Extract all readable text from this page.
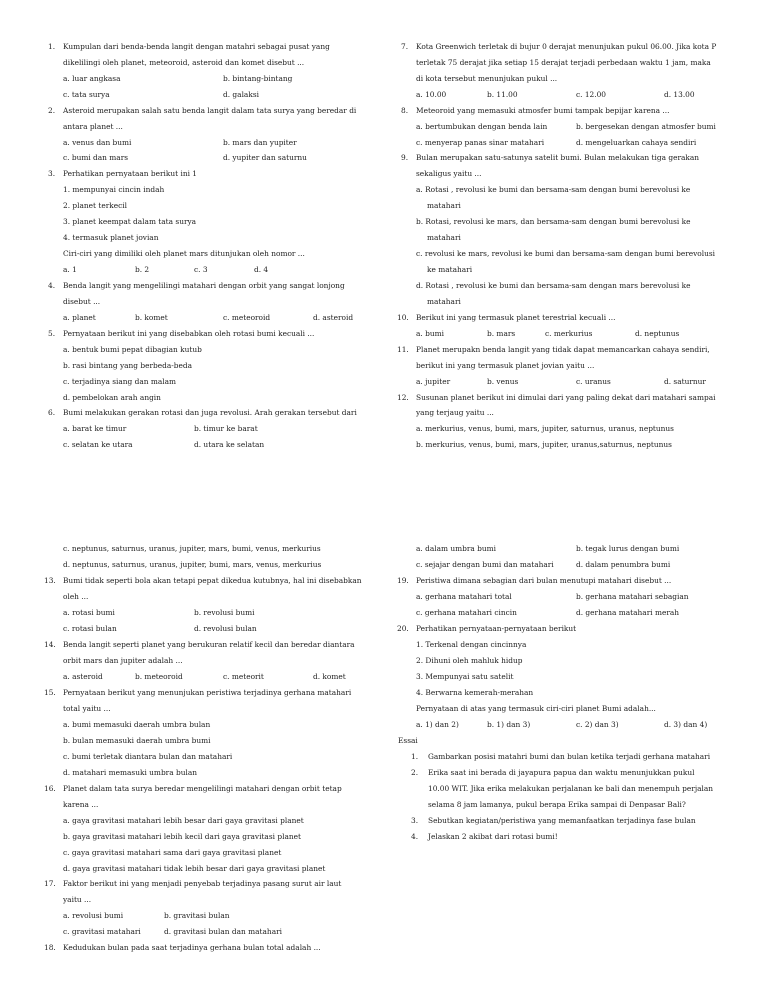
1. Kumpulan dari benda-benda langit dengan matahri sebagai pusat yang
dikelilingi oleh planet, meteoroid, asteroid dan komet disebut ...
a. luar angkasa	b. bintang-bintang
c. tata surya	d. galaksi
2. Asteroid merupakan salah satu benda langit dalam tata surya yang beredar di
antara planet ...
a. venus dan bumi	b. mars dan yupiter
c. bumi dan mars	d. yupiter dan saturnu
3. Perhatikan pernyataan berikut ini 1
1. mempunyai cincin indah
2. planet terkecil
3. planet keempat dalam tata surya
4. termasuk planet jovian
Ciri-ciri yang dimiliki oleh planet mars ditunjukan oleh nomor ...
a. 1	b. 2	c. 3	d. 4
4. Benda langit yang mengelilingi matahari dengan orbit yang sangat lonjong
disebut ...
a. planet	b. komet	c. meteoroid	d. asteroid
5. Pernyataan berikut ini yang disebabkan oleh rotasi bumi kecuali ...
a. bentuk bumi pepat dibagian kutub
b. rasi bintang yang berbeda-beda
c. terjadinya siang dan malam
d. pembelokan arah angin
6. Bumi melakukan gerakan rotasi dan juga revolusi. Arah gerakan tersebut dari
a. barat ke timur	b. timur ke barat
c. selatan ke utara	d. utara ke selatan
7. Kota Greenwich terletak di bujur 0 derajat menunjukan pukul 06.00. Jika kota P
terletak 75 derajat jika setiap 15 derajat terjadi perbedaan waktu 1 jam, maka
di kota tersebut menunjukan pukul ...
a. 10.00	b. 11.00	c. 12.00	d. 13.00
8. Meteoroid yang memasuki atmosfer bumi tampak bepijar karena ...
a. bertumbukan dengan benda lain	b. bergesekan dengan atmosfer bumi
c. menyerap panas sinar matahari	d. mengeluarkan cahaya sendiri
9. Bulan merupakan satu-satunya satelit bumi. Bulan melakukan tiga gerakan
sekaligus yaitu ...
a. Rotasi , revolusi ke bumi dan bersama-sam dengan bumi berevolusi ke
matahari
b. Rotasi, revolusi ke mars, dan bersama-sam dengan bumi berevolusi ke
matahari
c. revolusi ke mars, revolusi ke bumi dan bersama-sam dengan bumi berevolusi
ke matahari
d. Rotasi , revolusi ke bumi dan bersama-sam dengan mars berevolusi ke
matahari
10. Berikut ini yang termasuk planet terestrial kecuali ...
a. bumi	b. mars	c. merkurius	d. neptunus
11. Planet merupakn benda langit yang tidak dapat memancarkan cahaya sendiri,
berikut ini yang termasuk planet jovian yaitu ...
a. jupiter	b. venus	c. uranus	d. saturnur
12. Susunan planet berikut ini dimulai dari yang paling dekat dari matahari sampai
yang terjaug yaitu ...
a. merkurius, venus, bumi, mars, jupiter, saturnus, uranus, neptunus
b. merkurius, venus, bumi, mars, jupiter, uranus,saturnus, neptunus
c. neptunus, saturnus, uranus, jupiter, mars, bumi, venus, merkurius
d. neptunus, saturnus, uranus, jupiter, bumi, mars, venus, merkurius
13. Bumi tidak seperti bola akan tetapi pepat dikedua kutubnya, hal ini disebabkan
oleh ...
a. rotasi bumi	b. revolusi bumi
c. rotasi bulan	d. revolusi bulan
14. Benda langit seperti planet yang berukuran relatif kecil dan beredar diantara
orbit mars dan jupiter adalah ...
a. asteroid	b. meteoroid	c. meteorit	d. komet
15. Pernyataan berikut yang menunjukan peristiwa terjadinya gerhana matahari
total yaitu ...
a. bumi memasuki daerah umbra bulan
b. bulan memasuki daerah umbra bumi
c. bumi terletak diantara bulan dan matahari
d. matahari memasuki umbra bulan
16. Planet dalam tata surya beredar mengelilingi matahari dengan orbit tetap
karena ...
a. gaya gravitasi matahari lebih besar dari gaya gravitasi planet
b. gaya gravitasi matahari lebih kecil dari gaya gravitasi planet
c. gaya gravitasi matahari sama dari gaya gravitasi planet
d. gaya gravitasi matahari tidak lebih besar dari gaya gravitasi planet
17. Faktor berikut ini yang menjadi penyebab terjadinya pasang surut air laut
yaitu ...
a. revolusi bumi	b. gravitasi bulan
c. gravitasi matahari	d. gravitasi bulan dan matahari
18. Kedudukan bulan pada saat terjadinya gerhana bulan total adalah ...
a. dalam umbra bumi	b. tegak lurus dengan bumi
c. sejajar dengan bumi dan matahari	d. dalam penumbra bumi
19. Peristiwa dimana sebagian dari bulan menutupi matahari disebut ...
a. gerhana matahari total	b. gerhana matahari sebagian
c. gerhana matahari cincin	d. gerhana matahari merah
20. Perhatikan pernyataan-pernyataan berikut
1. Terkenal dengan cincinnya
2. Dihuni oleh mahluk hidup
3. Mempunyai satu satelit
4. Berwarna kemerah-merahan
Pernyataan di atas yang termasuk ciri-ciri planet Bumi adalah...
a. 1) dan 2)	b. 1) dan 3)	c. 2) dan 3)	d. 3) dan 4)
Essai
1. Gambarkan posisi matahri bumi dan bulan ketika terjadi gerhana matahari
2. Erika saat ini berada di jayapura papua dan waktu menunjukkan pukul
10.00 WIT. Jika erika melakukan perjalanan ke bali dan menempuh perjalan
selama 8 jam lamanya, pukul berapa Erika sampai di Denpasar Bali?
3. Sebutkan kegiatan/peristiwa yang memanfaatkan terjadinya fase bulan
4. Jelaskan 2 akibat dari rotasi bumi!
